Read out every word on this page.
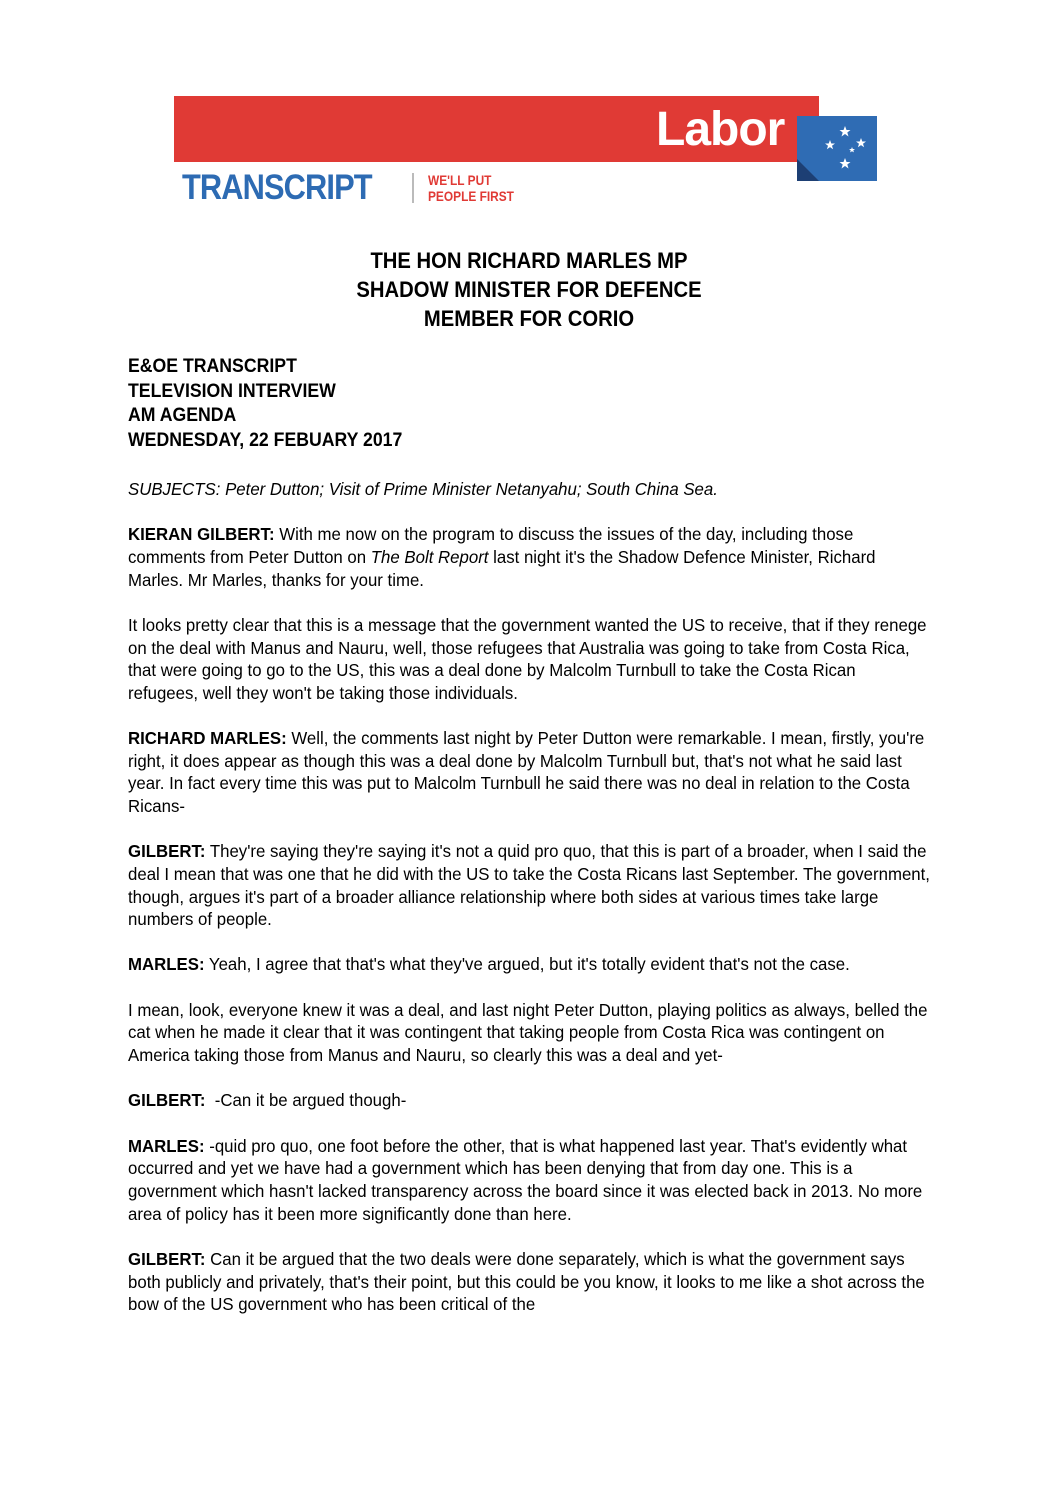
Labor
TRANSCRIPT	WE'LL PUT
PEOPLE FIRST
THE HON RICHARD MARLES MP
SHADOW MINISTER FOR DEFENCE
MEMBER FOR CORIO
E&OE TRANSCRIPT
TELEVISION INTERVIEW
AM AGENDA
WEDNESDAY, 22 FEBUARY 2017

SUBJECTS: Peter Dutton; Visit of Prime Minister Netanyahu; South China Sea.

KIERAN GILBERT: With me now on the program to discuss the issues of the day, including those comments from Peter Dutton on The Bolt Report last night it's the Shadow Defence Minister, Richard Marles. Mr Marles, thanks for your time.

It looks pretty clear that this is a message that the government wanted the US to receive, that if they renege on the deal with Manus and Nauru, well, those refugees that Australia was going to take from Costa Rica, that were going to go to the US, this was a deal done by Malcolm Turnbull to take the Costa Rican refugees, well they won't be taking those individuals.

RICHARD MARLES: Well, the comments last night by Peter Dutton were remarkable. I mean, firstly, you're right, it does appear as though this was a deal done by Malcolm Turnbull but, that's not what he said last year. In fact every time this was put to Malcolm Turnbull he said there was no deal in relation to the Costa Ricans-

GILBERT: They're saying they're saying it's not a quid pro quo, that this is part of a broader, when I said the deal I mean that was one that he did with the US to take the Costa Ricans last September. The government, though, argues it's part of a broader alliance relationship where both sides at various times take large numbers of people.

MARLES: Yeah, I agree that that's what they've argued, but it's totally evident that's not the case.

I mean, look, everyone knew it was a deal, and last night Peter Dutton, playing politics as always, belled the cat when he made it clear that it was contingent that taking people from Costa Rica was contingent on America taking those from Manus and Nauru, so clearly this was a deal and yet-

GILBERT:  -Can it be argued though-

MARLES: -quid pro quo, one foot before the other, that is what happened last year. That's evidently what occurred and yet we have had a government which has been denying that from day one. This is a government which hasn't lacked transparency across the board since it was elected back in 2013. No more area of policy has it been more significantly done than here.

GILBERT: Can it be argued that the two deals were done separately, which is what the government says both publicly and privately, that's their point, but this could be you know, it looks to me like a shot across the bow of the US government who has been critical of the
